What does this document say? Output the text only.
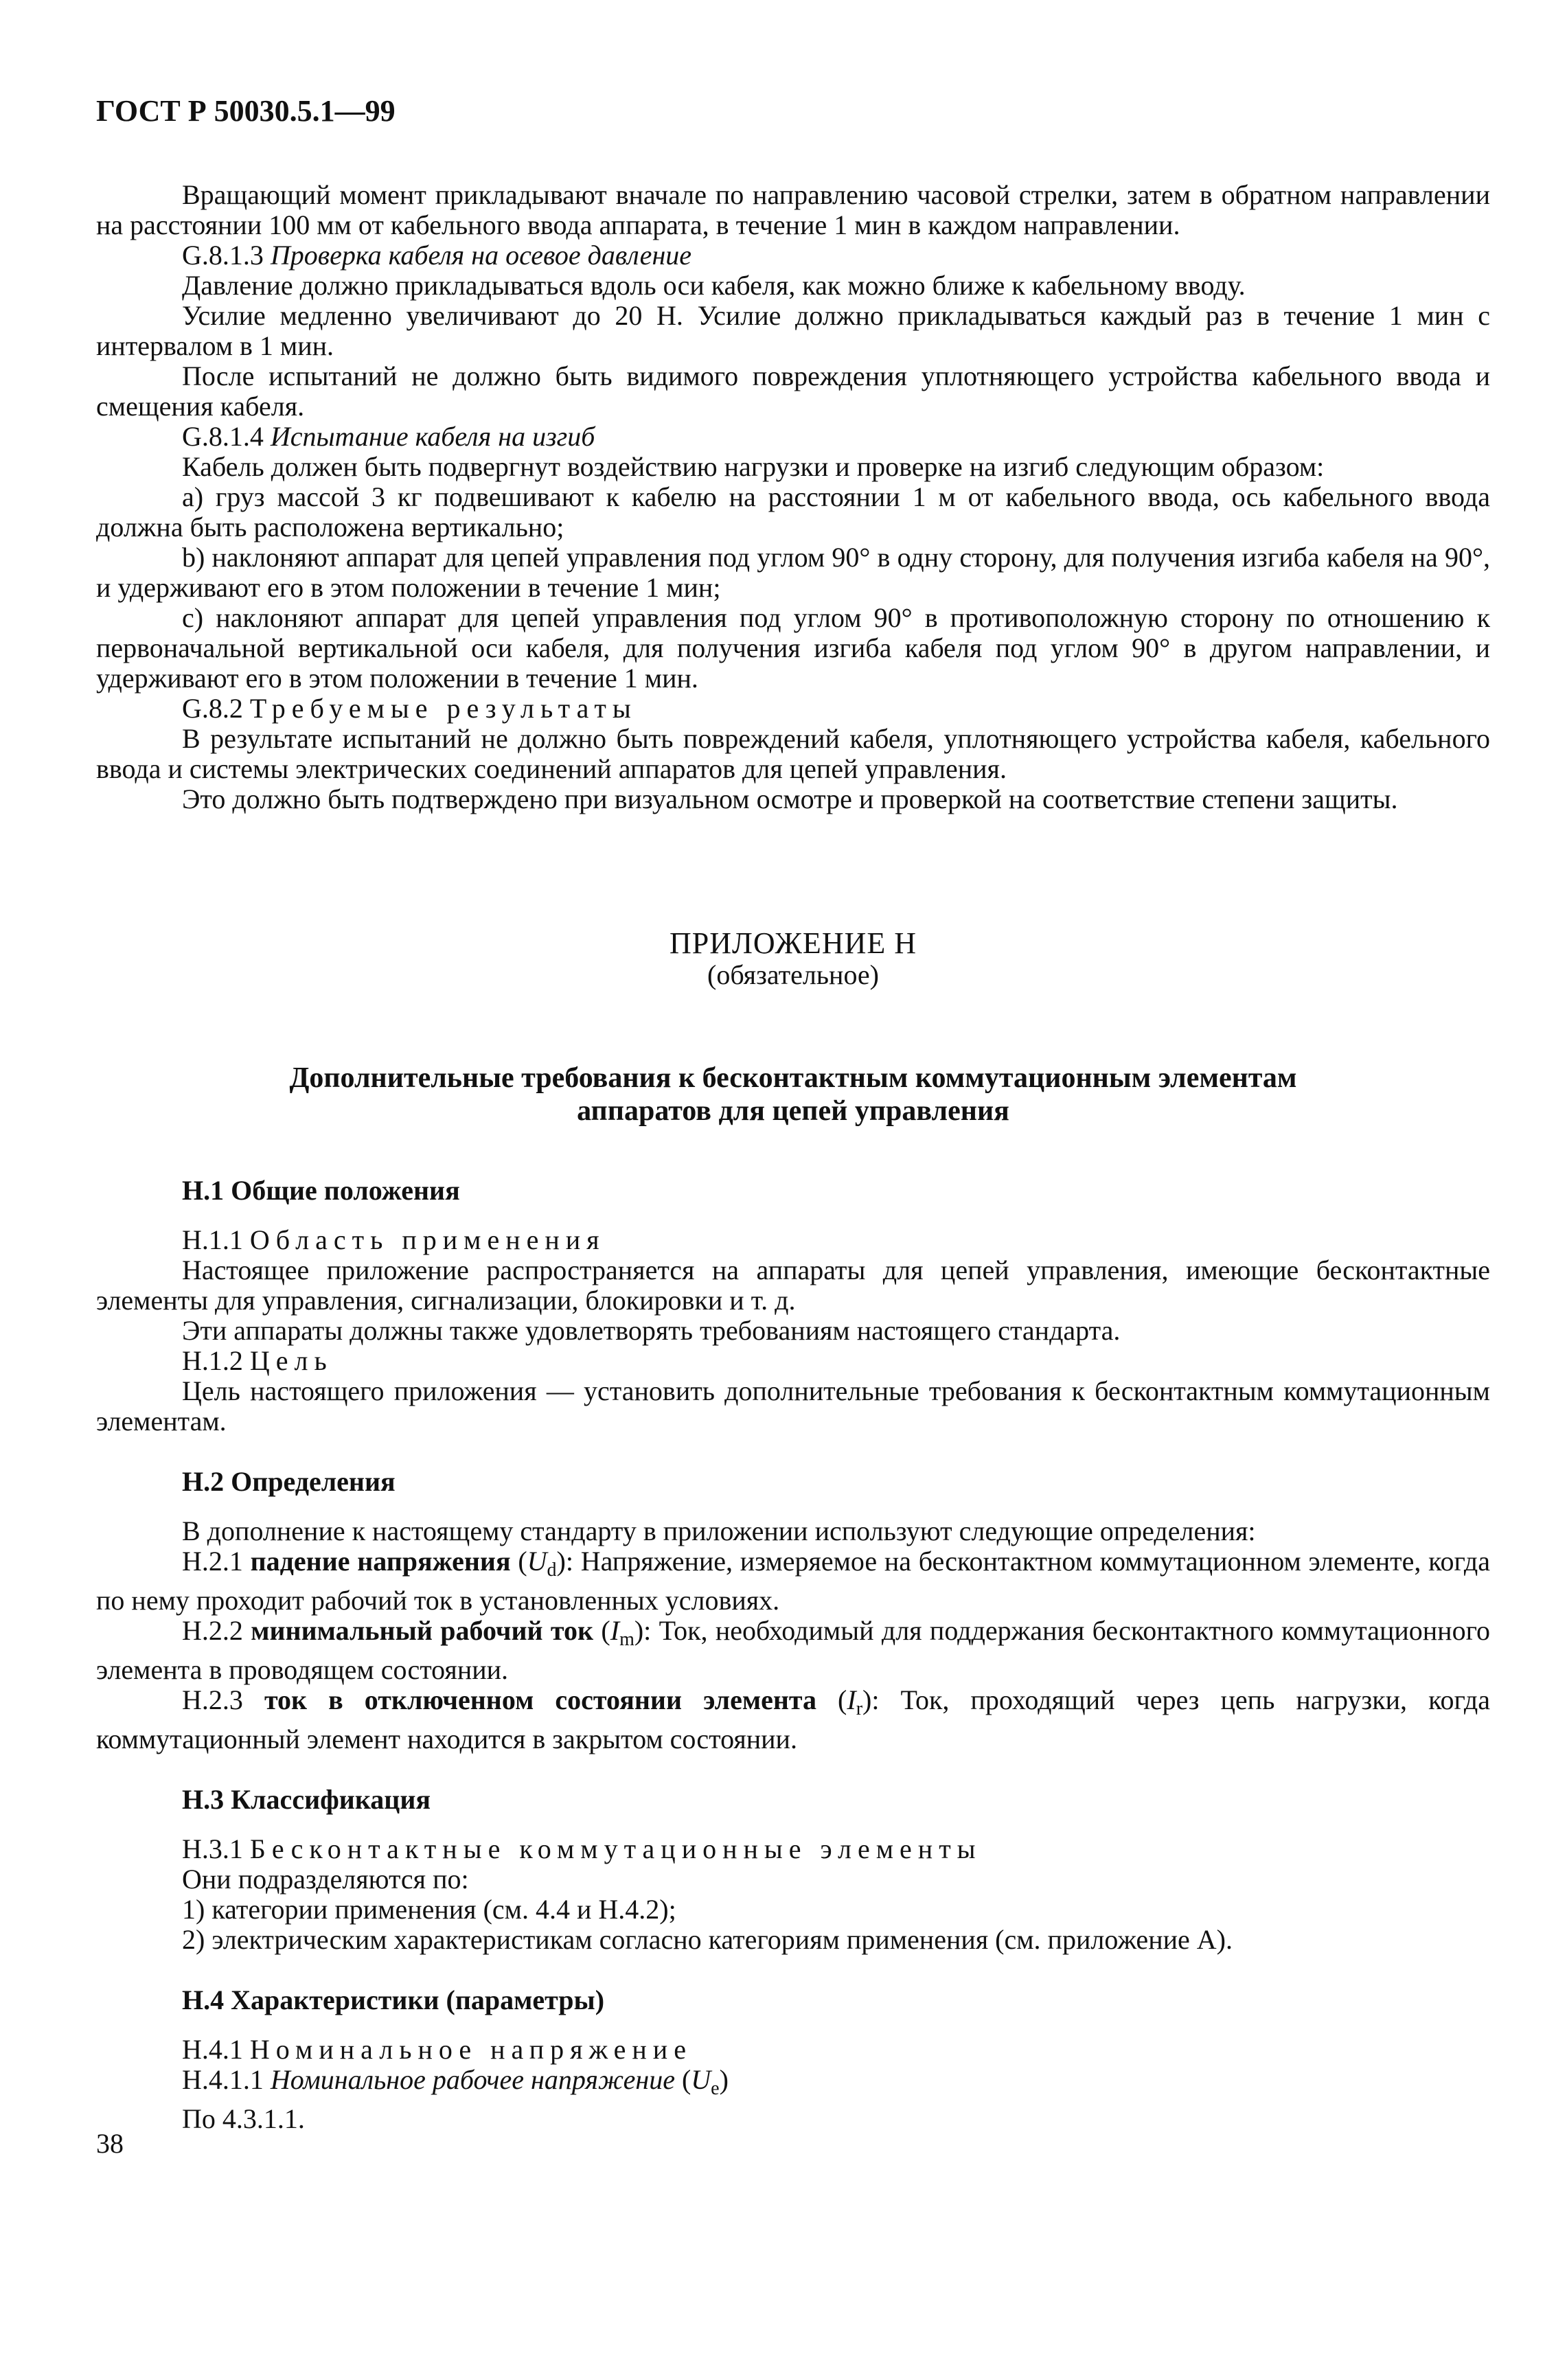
ГОСТ Р 50030.5.1—99

Вращающий момент прикладывают вначале по направлению часовой стрелки, затем в обратном направлении на расстоянии 100 мм от кабельного ввода аппарата, в течение 1 мин в каждом направлении.

G.8.1.3 Проверка кабеля на осевое давление

Давление должно прикладываться вдоль оси кабеля, как можно ближе к кабельному вводу.

Усилие медленно увеличивают до 20 Н. Усилие должно прикладываться каждый раз в течение 1 мин с интервалом в 1 мин.

После испытаний не должно быть видимого повреждения уплотняющего устройства кабельного ввода и смещения кабеля.

G.8.1.4 Испытание кабеля на изгиб

Кабель должен быть подвергнут воздействию нагрузки и проверке на изгиб следующим образом:

a) груз массой 3 кг подвешивают к кабелю на расстоянии 1 м от кабельного ввода, ось кабельного ввода должна быть расположена вертикально;

b) наклоняют аппарат для цепей управления под углом 90° в одну сторону, для получения изгиба кабеля на 90°, и удерживают его в этом положении в течение 1 мин;

c) наклоняют аппарат для цепей управления под углом 90° в противоположную сторону по отношению к первоначальной вертикальной оси кабеля, для получения изгиба кабеля под углом 90° в другом направлении, и удерживают его в этом положении в течение 1 мин.

G.8.2 Требуемые результаты

В результате испытаний не должно быть повреждений кабеля, уплотняющего устройства кабеля, кабельного ввода и системы электрических соединений аппаратов для цепей управления.

Это должно быть подтверждено при визуальном осмотре и проверкой на соответствие степени защиты.

ПРИЛОЖЕНИЕ Н
(обязательное)
Дополнительные требования к бесконтактным коммутационным элементам
аппаратов для цепей управления
Н.1 Общие положения

Н.1.1 Область применения

Настоящее приложение распространяется на аппараты для цепей управления, имеющие бесконтактные элементы для управления, сигнализации, блокировки и т. д.

Эти аппараты должны также удовлетворять требованиям настоящего стандарта.

Н.1.2 Цель

Цель настоящего приложения — установить дополнительные требования к бесконтактным коммутационным элементам.

Н.2 Определения

В дополнение к настоящему стандарту в приложении используют следующие определения:

Н.2.1 падение напряжения $(U_d)$: Напряжение, измеряемое на бесконтактном коммутационном элементе, когда по нему проходит рабочий ток в установленных условиях.

Н.2.2 минимальный рабочий ток $(I_m)$: Ток, необходимый для поддержания бесконтактного коммутационного элемента в проводящем состоянии.

Н.2.3 ток в отключенном состоянии элемента $(I_r)$: Ток, проходящий через цепь нагрузки, когда коммутационный элемент находится в закрытом состоянии.

Н.3 Классификация

Н.3.1 Бесконтактные коммутационные элементы

Они подразделяются по:

1) категории применения (см. 4.4 и Н.4.2);

2) электрическим характеристикам согласно категориям применения (см. приложение А).

Н.4 Характеристики (параметры)

Н.4.1 Номинальное напряжение

Н.4.1.1 Номинальное рабочее напряжение $(U_e)$

По 4.3.1.1.

38
